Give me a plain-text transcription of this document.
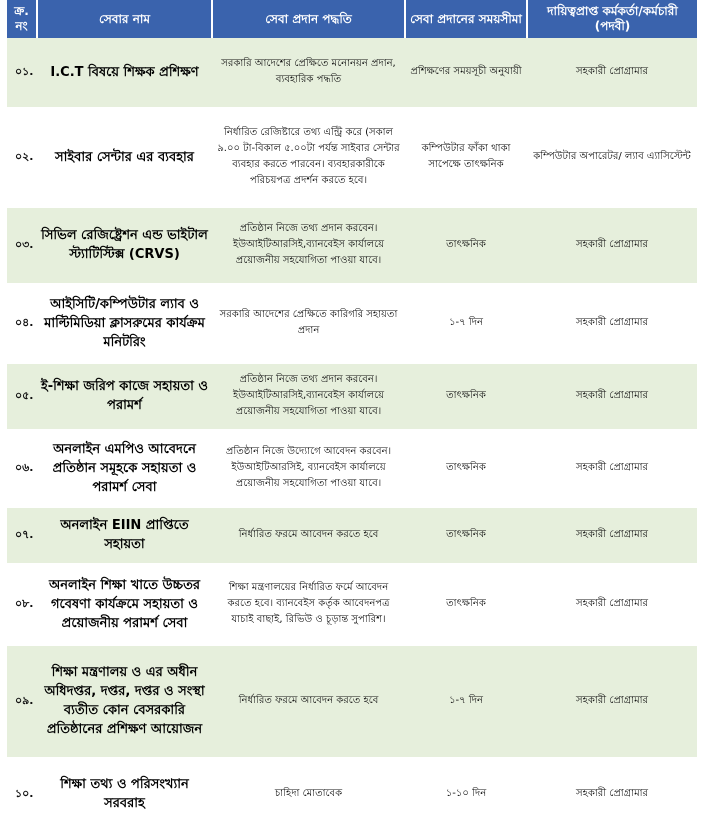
ক্র. নং	সেবার নাম	সেবা প্রদান পদ্ধতি	সেবা প্রদানের সময়সীমা	দায়িত্বপ্রাপ্ত কর্মকর্তা/কর্মচারী (পদবী)
০১.	I.C.T বিষয়ে শিক্ষক প্রশিক্ষণ	সরকারি আদেশের প্রেক্ষিতে মনোনয়ন প্রদান, ব্যবহারিক পদ্ধতি	প্রশিক্ষণের সময়সূচী অনুযায়ী	সহকারী প্রোগ্রামার
০২.	সাইবার সেন্টার এর ব্যবহার	নির্ধারিত রেজিষ্টারে তথ্য এন্ট্রি করে (সকাল ৯.০০ টা-বিকাল ৫.০০টা পর্যন্ত সাইবার সেন্টার ব্যবহার করতে পারবেন। ব্যবহারকারীকে পরিচয়পত্র প্রদর্শন করতে হবে।	কম্পিউটার ফাঁকা থাকা সাপেক্ষে তাৎক্ষনিক	কম্পিউটার অপারেটর/ ল্যাব এ্যাসিস্টেন্ট
০৩.	সিভিল রেজিষ্ট্রেশন এন্ড ভাইটাল স্ট্যাটিস্টিক্স (CRVS)	প্রতিষ্ঠান নিজে তথ্য প্রদান করবেন। ইউআইটিআরসিই,ব্যানবেইস কার্যালয়ে প্রয়োজনীয় সহযোগিতা পাওয়া যাবে।	তাৎক্ষনিক	সহকারী প্রোগ্রামার
০৪.	আইসিটি/কম্পিউটার ল্যাব ও মাল্টিমিডিয়া ক্লাসরুমের কার্যক্রম মনিটরিং	সরকারি আদেশের প্রেক্ষিতে কারিগরি সহায়তা প্রদান	১-৭ দিন	সহকারী প্রোগ্রামার
০৫.	ই-শিক্ষা জরিপ কাজে সহায়তা ও পরামর্শ	প্রতিষ্ঠান নিজে তথ্য প্রদান করবেন। ইউআইটিআরসিই,ব্যানবেইস কার্যালয়ে প্রয়োজনীয় সহযোগিতা পাওয়া যাবে।	তাৎক্ষনিক	সহকারী প্রোগ্রামার
০৬.	অনলাইন এমপিও আবেদনে প্রতিষ্ঠান সমূহকে সহায়তা ও পরামর্শ সেবা	প্রতিষ্ঠান নিজে উদ্যোগে আবেদন করবেন। ইউআইটিআরসিই, ব্যানবেইস কার্যালয়ে প্রয়োজনীয় সহযোগিতা পাওয়া যাবে।	তাৎক্ষনিক	সহকারী প্রোগ্রামার
০৭.	অনলাইন EIIN প্রাপ্তিতে সহায়তা	নির্ধারিত ফরমে আবেদন করতে হবে	তাৎক্ষনিক	সহকারী প্রোগ্রামার
০৮.	অনলাইন শিক্ষা খাতে উচ্চতর গবেষণা কার্যক্রমে সহায়তা ও প্রয়োজনীয় পরামর্শ সেবা	শিক্ষা মন্ত্রণালয়ের নির্ধারিত ফর্মে আবেদন করতে হবে। ব্যানবেইস কর্তৃক আবেদনপত্র যাচাই বাছাই, রিভিউ ও চূড়ান্ত সুপারিশ।	তাৎক্ষনিক	সহকারী প্রোগ্রামার
০৯.	শিক্ষা মন্ত্রণালয় ও এর অধীন অধিদপ্তর, দপ্তর, দপ্তর ও সংস্থা ব্যতীত কোন বেসরকারি প্রতিষ্ঠানের প্রশিক্ষণ আয়োজন	নির্ধারিত ফরমে আবেদন করতে হবে	১-৭ দিন	সহকারী প্রোগ্রামার
১০.	শিক্ষা তথ্য ও পরিসংখ্যান সরবরাহ	চাহিদা মোতাবেক	১-১০ দিন	সহকারী প্রোগ্রামার
